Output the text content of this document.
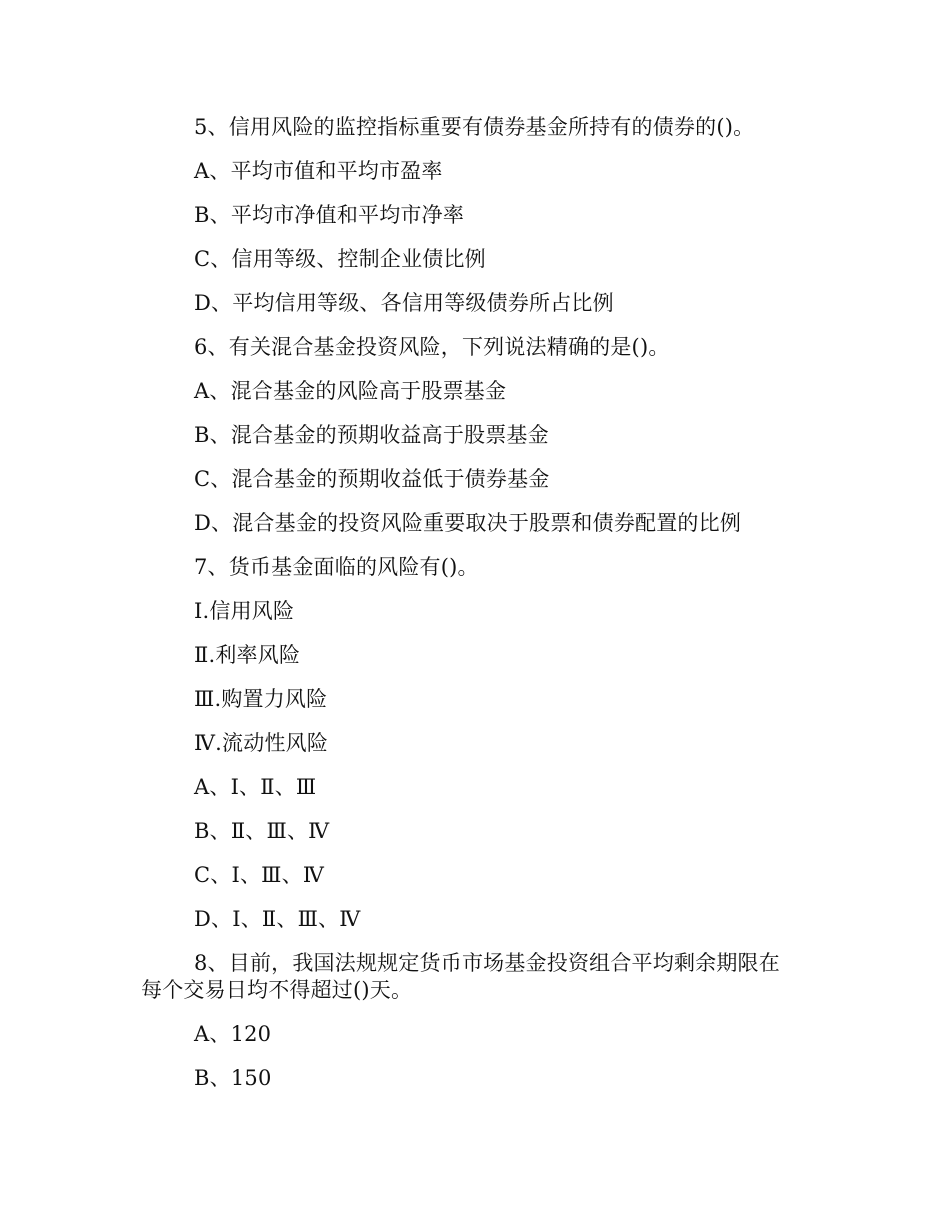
5、信用风险的监控指标重要有债券基金所持有的债券的()。
A、平均市值和平均市盈率
B、平均市净值和平均市净率
C、信用等级、控制企业债比例
D、平均信用等级、各信用等级债券所占比例
6、有关混合基金投资风险，下列说法精确的是()。
A、混合基金的风险高于股票基金
B、混合基金的预期收益高于股票基金
C、混合基金的预期收益低于债券基金
D、混合基金的投资风险重要取决于股票和债券配置的比例
7、货币基金面临的风险有()。
Ⅰ.信用风险
Ⅱ.利率风险
Ⅲ.购置力风险
Ⅳ.流动性风险
A、Ⅰ、Ⅱ、Ⅲ
B、Ⅱ、Ⅲ、Ⅳ
C、Ⅰ、Ⅲ、Ⅳ
D、Ⅰ、Ⅱ、Ⅲ、Ⅳ
8、目前，我国法规规定货币市场基金投资组合平均剩余期限在
每个交易日均不得超过()天。
A、120
B、150
